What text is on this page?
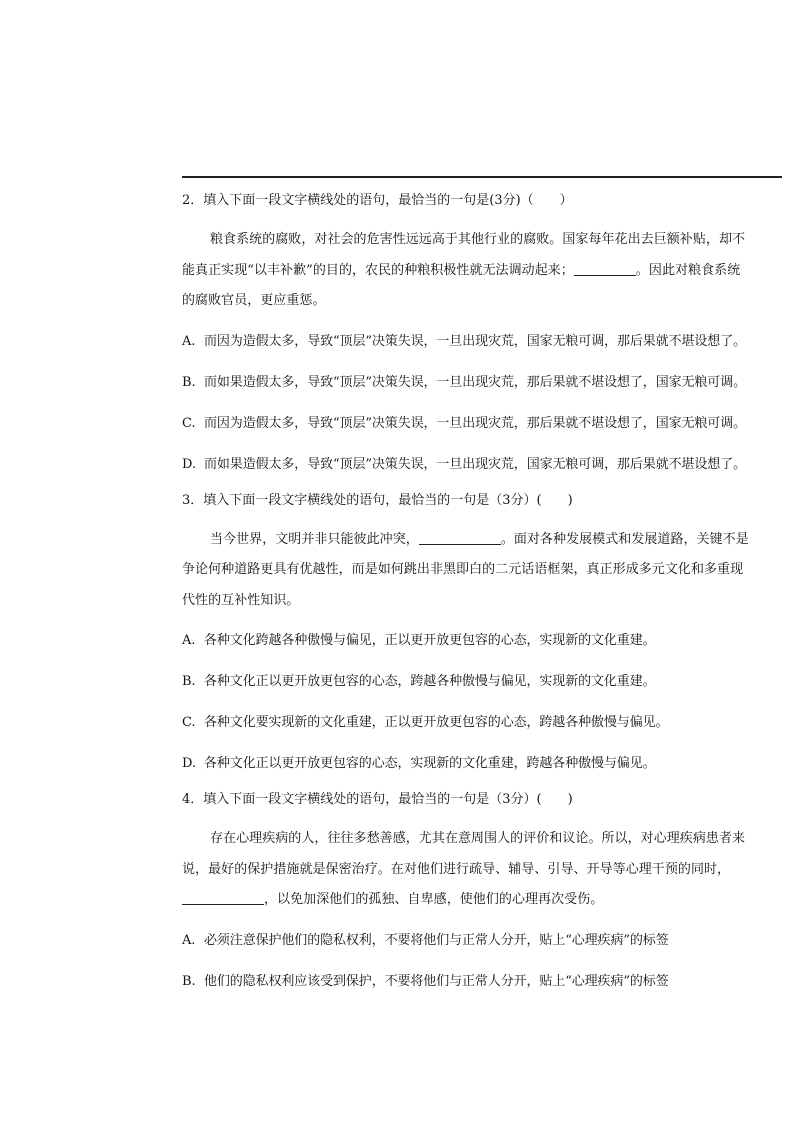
2．填入下面一段文字横线处的语句，最恰当的一句是(3分)（　　）

粮食系统的腐败，对社会的危害性远远高于其他行业的腐败。国家每年花出去巨额补贴，却不

能真正实现“以丰补歉”的目的，农民的种粮积极性就无法调动起来；	。因此对粮食系统

的腐败官员，更应重惩。

A. 而因为造假太多，导致“顶层”决策失误，一旦出现灾荒，国家无粮可调，那后果就不堪设想了。

B. 而如果造假太多，导致“顶层”决策失误，一旦出现灾荒，那后果就不堪设想了，国家无粮可调。

C. 而因为造假太多，导致“顶层”决策失误，一旦出现灾荒，那后果就不堪设想了，国家无粮可调。

D. 而如果造假太多，导致“顶层”决策失误，一旦出现灾荒，国家无粮可调，那后果就不堪设想了。

3．填入下面一段文字横线处的语句，最恰当的一句是（3分）(　　)

当今世界，文明并非只能彼此冲突，	。面对各种发展模式和发展道路，关键不是

争论何种道路更具有优越性，而是如何跳出非黑即白的二元话语框架，真正形成多元文化和多重现

代性的互补性知识。

A. 各种文化跨越各种傲慢与偏见，正以更开放更包容的心态，实现新的文化重建。

B. 各种文化正以更开放更包容的心态，跨越各种傲慢与偏见，实现新的文化重建。

C. 各种文化要实现新的文化重建，正以更开放更包容的心态，跨越各种傲慢与偏见。

D. 各种文化正以更开放更包容的心态，实现新的文化重建，跨越各种傲慢与偏见。

4．填入下面一段文字横线处的语句，最恰当的一句是（3分）(　　)

存在心理疾病的人，往往多愁善感，尤其在意周围人的评价和议论。所以，对心理疾病患者来

说，最好的保护措施就是保密治疗。在对他们进行疏导、辅导、引导、开导等心理干预的同时，

，以免加深他们的孤独、自卑感，使他们的心理再次受伤。

A. 必须注意保护他们的隐私权利，不要将他们与正常人分开，贴上“心理疾病”的标签

B. 他们的隐私权利应该受到保护，不要将他们与正常人分开，贴上“心理疾病”的标签
